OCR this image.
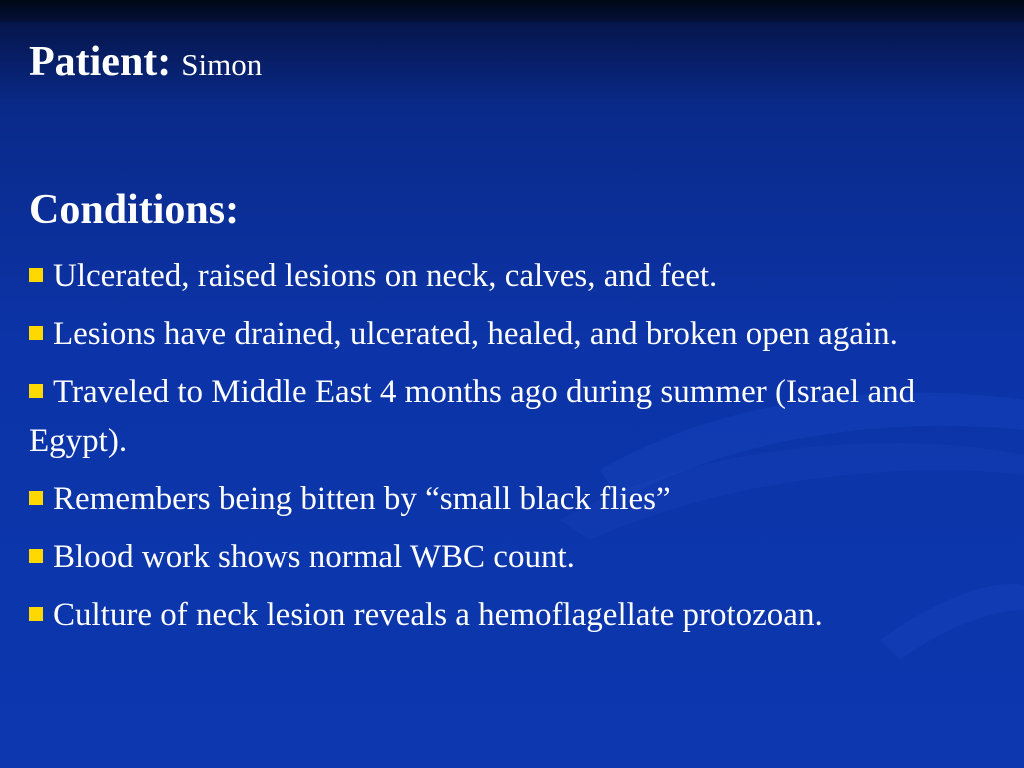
Patient: Simon
Conditions:
Ulcerated, raised lesions on neck, calves, and feet.
Lesions have drained, ulcerated, healed, and broken open again.
Traveled to Middle East 4 months ago during summer (Israel and Egypt).
Remembers being bitten by “small black flies”
Blood work shows normal WBC count.
Culture of neck lesion reveals a hemoflagellate protozoan.
